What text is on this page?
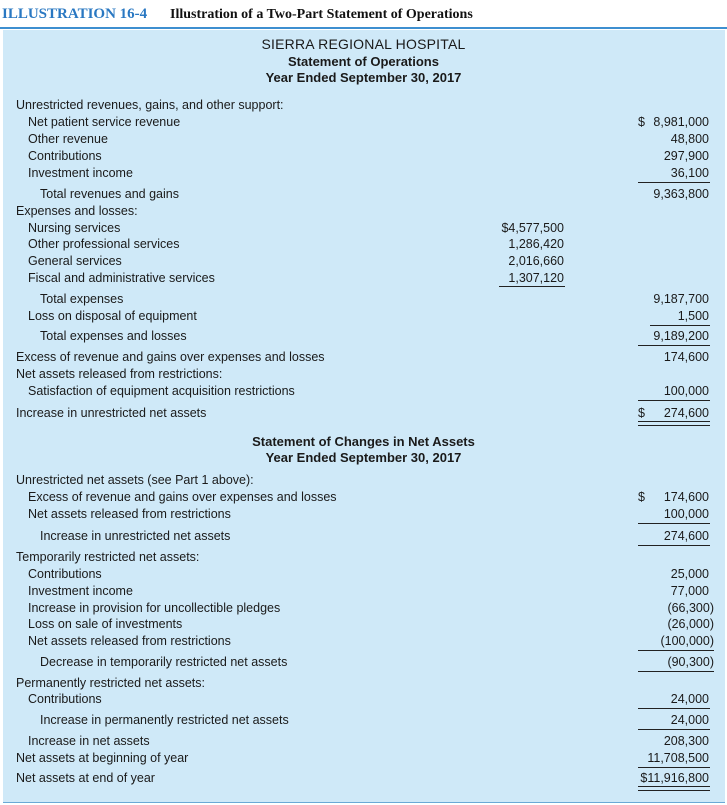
ILLUSTRATION 16-4 Illustration of a Two-Part Statement of Operations
SIERRA REGIONAL HOSPITAL
Statement of Operations
Year Ended September 30, 2017
Unrestricted revenues, gains, and other support:
Net patient service revenue	$ 8,981,000
Other revenue	48,800
Contributions	297,900
Investment income	36,100
Total revenues and gains	9,363,800
Expenses and losses:
Nursing services	$4,577,500
Other professional services	1,286,420
General services	2,016,660
Fiscal and administrative services	1,307,120
Total expenses	9,187,700
Loss on disposal of equipment	1,500
Total expenses and losses	9,189,200
Excess of revenue and gains over expenses and losses	174,600
Net assets released from restrictions:
Satisfaction of equipment acquisition restrictions	100,000
Increase in unrestricted net assets	$ 274,600
Statement of Changes in Net Assets
Year Ended September 30, 2017
Unrestricted net assets (see Part 1 above):
Excess of revenue and gains over expenses and losses	$ 174,600
Net assets released from restrictions	100,000
Increase in unrestricted net assets	274,600
Temporarily restricted net assets:
Contributions	25,000
Investment income	77,000
Increase in provision for uncollectible pledges	(66,300)
Loss on sale of investments	(26,000)
Net assets released from restrictions	(100,000)
Decrease in temporarily restricted net assets	(90,300)
Permanently restricted net assets:
Contributions	24,000
Increase in permanently restricted net assets	24,000
Increase in net assets	208,300
Net assets at beginning of year	11,708,500
Net assets at end of year	$11,916,800
